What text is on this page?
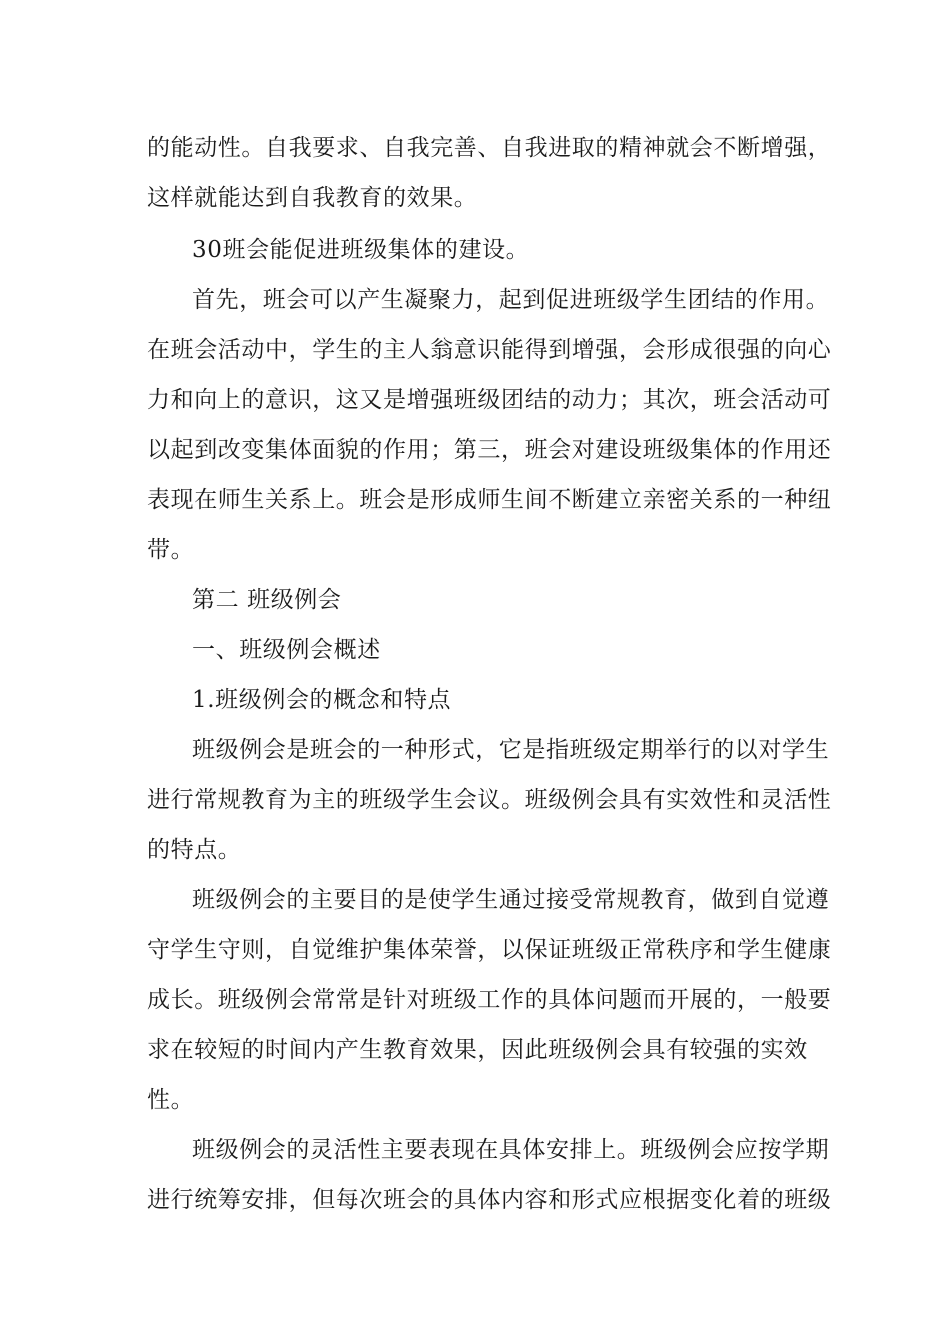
的能动性。自我要求、自我完善、自我进取的精神就会不断增强，
这样就能达到自我教育的效果。
30班会能促进班级集体的建设。
首先，班会可以产生凝聚力，起到促进班级学生团结的作用。
在班会活动中，学生的主人翁意识能得到增强，会形成很强的向心
力和向上的意识，这又是增强班级团结的动力；其次，班会活动可
以起到改变集体面貌的作用；第三，班会对建设班级集体的作用还
表现在师生关系上。班会是形成师生间不断建立亲密关系的一种纽
带。
第二 班级例会
一、班级例会概述
1.班级例会的概念和特点
班级例会是班会的一种形式，它是指班级定期举行的以对学生
进行常规教育为主的班级学生会议。班级例会具有实效性和灵活性
的特点。
班级例会的主要目的是使学生通过接受常规教育，做到自觉遵
守学生守则，自觉维护集体荣誉，以保证班级正常秩序和学生健康
成长。班级例会常常是针对班级工作的具体问题而开展的，一般要
求在较短的时间内产生教育效果，因此班级例会具有较强的实效
性。
班级例会的灵活性主要表现在具体安排上。班级例会应按学期
进行统筹安排，但每次班会的具体内容和形式应根据变化着的班级
